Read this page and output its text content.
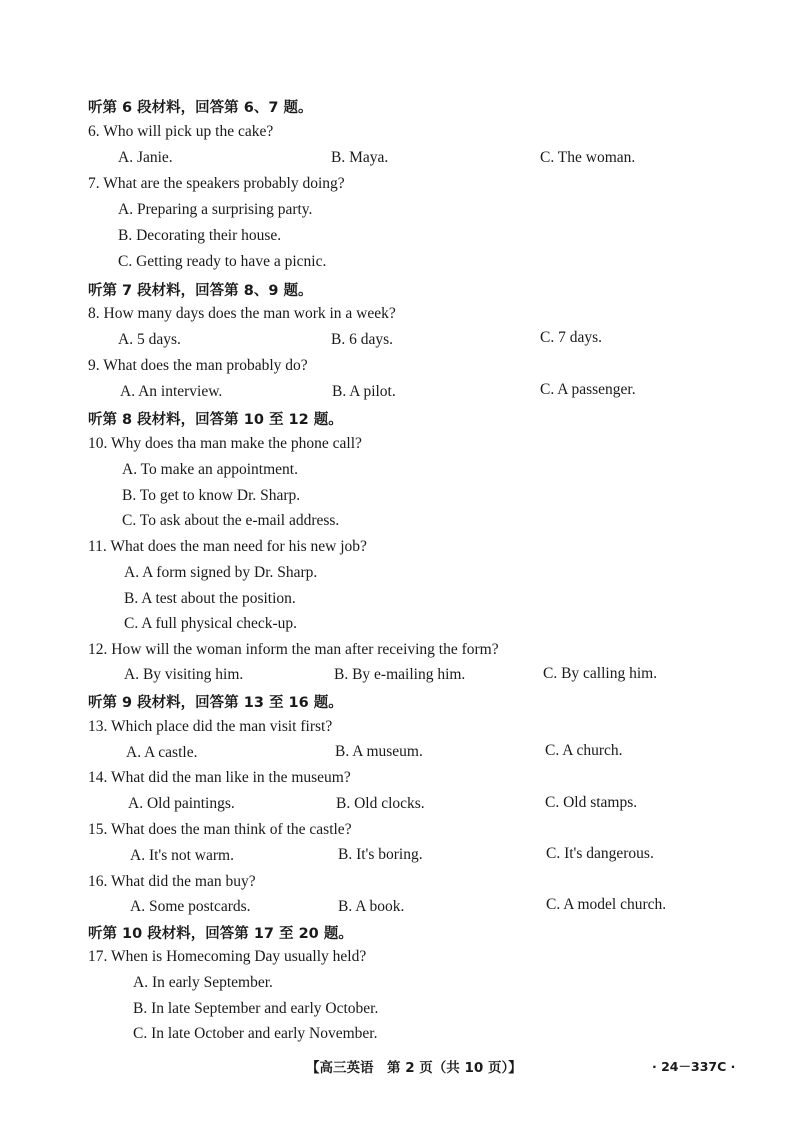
听第 6 段材料，回答第 6、7 题。
6. Who will pick up the cake?
A. Janie.	B. Maya.	C. The woman.
7. What are the speakers probably doing?
A. Preparing a surprising party.
B. Decorating their house.
C. Getting ready to have a picnic.
听第 7 段材料，回答第 8、9 题。
8. How many days does the man work in a week?
A. 5 days.	B. 6 days.	C. 7 days.
9. What does the man probably do?
A. An interview.	B. A pilot.	C. A passenger.
听第 8 段材料，回答第 10 至 12 题。
10. Why does tha man make the phone call?
A. To make an appointment.
B. To get to know Dr. Sharp.
C. To ask about the e-mail address.
11. What does the man need for his new job?
A. A form signed by Dr. Sharp.
B. A test about the position.
C. A full physical check-up.
12. How will the woman inform the man after receiving the form?
A. By visiting him.	B. By e-mailing him.	C. By calling him.
听第 9 段材料，回答第 13 至 16 题。
13. Which place did the man visit first?
A. A castle.	B. A museum.	C. A church.
14. What did the man like in the museum?
A. Old paintings.	B. Old clocks.	C. Old stamps.
15. What does the man think of the castle?
A. It's not warm.	B. It's boring.	C. It's dangerous.
16. What did the man buy?
A. Some postcards.	B. A book.	C. A model church.
听第 10 段材料，回答第 17 至 20 题。
17. When is Homecoming Day usually held?
A. In early September.
B. In late September and early October.
C. In late October and early November.
【高三英语　第 2 页（共 10 页）】	· 24－337C ·
